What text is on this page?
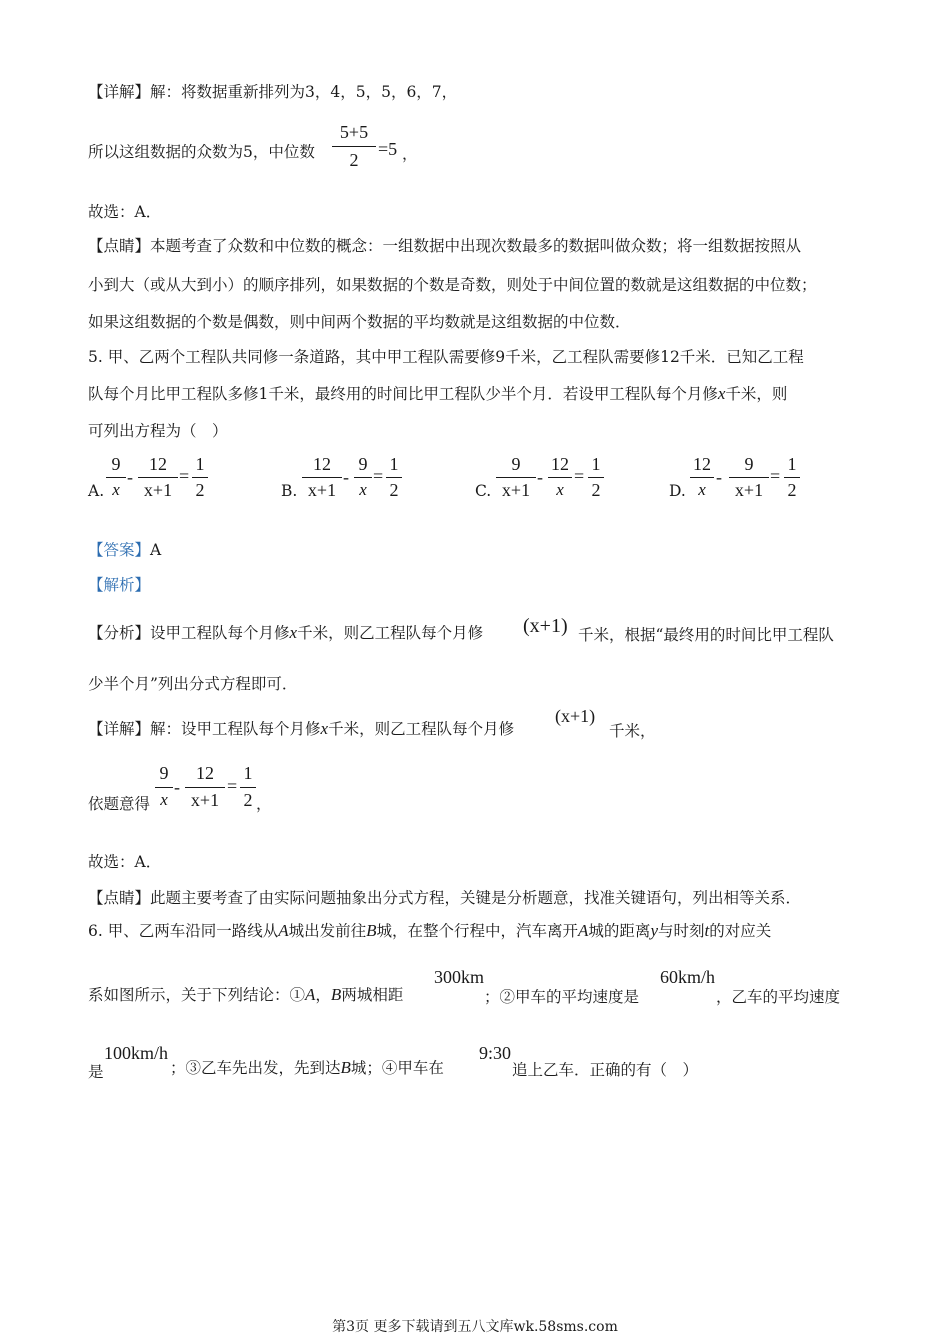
【详解】解：将数据重新排列为3，4，5，5，6，7，
所以这组数据的众数为5，中位数
5+5
2
=5 ，
故选：A．
【点睛】本题考查了众数和中位数的概念：一组数据中出现次数最多的数据叫做众数；将一组数据按照从
小到大（或从大到小）的顺序排列，如果数据的个数是奇数，则处于中间位置的数就是这组数据的中位数；
如果这组数据的个数是偶数，则中间两个数据的平均数就是这组数据的中位数．
5. 甲、乙两个工程队共同修一条道路，其中甲工程队需要修9千米，乙工程队需要修12千米．已知乙工程
队每个月比甲工程队多修1千米，最终用的时间比甲工程队少半个月．若设甲工程队每个月修x千米，则
可列出方程为（　）
A.
9
x
-
12
x+1
=
1
2	B.
12
x+1
-
9
x
=
1
2	C.
9
x+1
-
12
x
=
1
2	D.
12
x
-
9
x+1
=
1
2
【答案】A
【解析】
【分析】设甲工程队每个月修x千米，则乙工程队每个月修 (x+1) 千米，根据“最终用的时间比甲工程队
少半个月”列出分式方程即可．
【详解】解：设甲工程队每个月修x千米，则乙工程队每个月修
(x+1)
千米，
依题意得
9
x
-
12
x+1
=
1
2 ，
故选：A．
【点睛】此题主要考查了由实际问题抽象出分式方程，关键是分析题意，找准关键语句，列出相等关系．
6. 甲、乙两车沿同一路线从A城出发前往B城，在整个行程中，汽车离开A城的距离y与时刻t的对应关
系如图所示，关于下列结论：①A，B两城相距
300km
；②甲车的平均速度是
60km/h
，乙车的平均速度
是
100km/h
；③乙车先出发，先到达B城；④甲车在
9:30
追上乙车．正确的有（　）
第3页 更多下载请到五八文库wk.58sms.com
